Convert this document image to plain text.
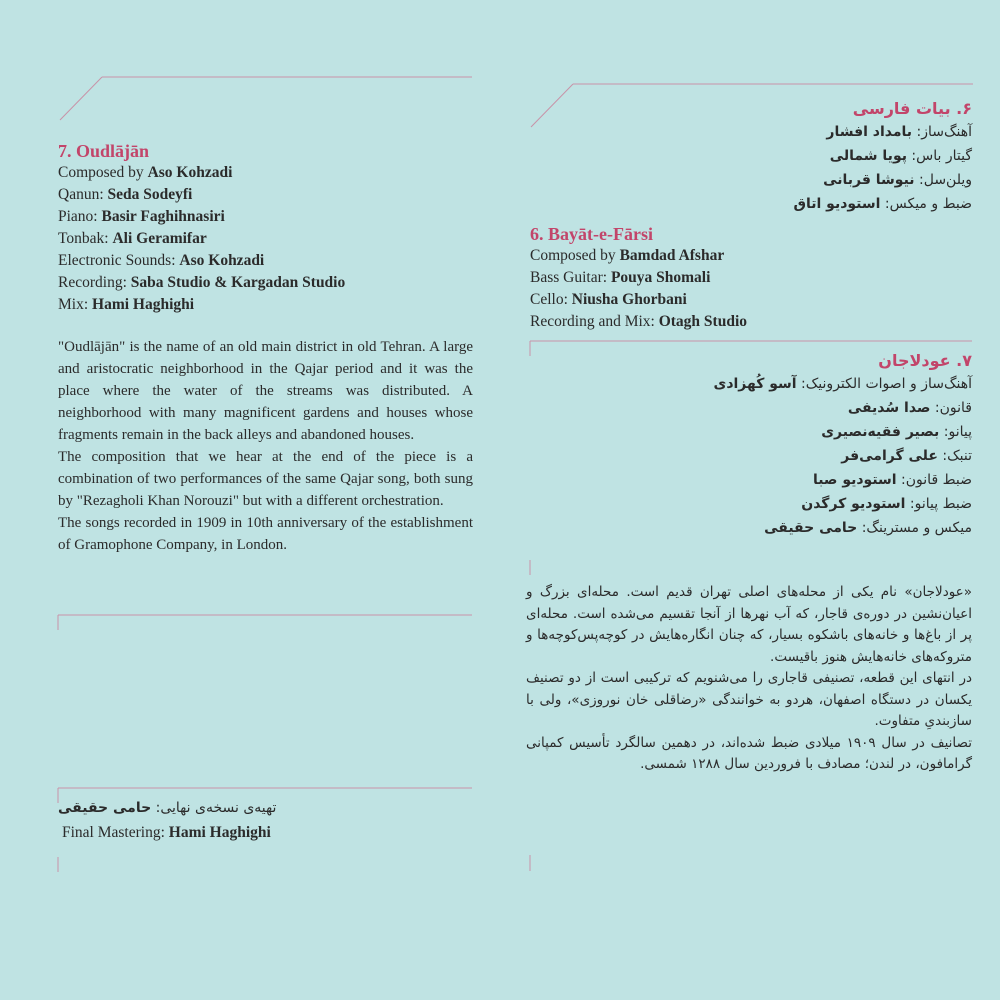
7. Oudlājān
Composed by Aso Kohzadi
Qanun: Seda Sodeyfi
Piano: Basir Faghihnasiri
Tonbak: Ali Geramifar
Electronic Sounds: Aso Kohzadi
Recording: Saba Studio & Kargadan Studio
Mix: Hami Haghighi

"Oudlājān" is the name of an old main district in old Tehran. A large and aristocratic neighborhood in the Qajar period and it was the place where the water of the streams was distributed. A neighborhood with many magnificent gardens and houses whose fragments remain in the back alleys and abandoned houses.

The composition that we hear at the end of the piece is a combination of two performances of the same Qajar song, both sung by "Rezagholi Khan Norouzi" but with a different orchestration.

The songs recorded in 1909 in 10th anniversary of the establishment of Gramophone Company, in London.

تهیه‌ی نسخه‌ی نهایی: حامی حقیقی
Final Mastering: Hami Haghighi
۶. بیات فارسی
آهنگ‌ساز: بامداد افشار
گیتار باس: پویا شمالی
ویلن‌سل: نیوشا قربانی
ضبط و میکس: استودیو اتاق
6. Bayāt-e-Fārsi
Composed by Bamdad Afshar
Bass Guitar: Pouya Shomali
Cello: Niusha Ghorbani
Recording and Mix: Otagh Studio
۷. عودلاجان
آهنگ‌ساز و اصوات الکترونیک: آسو کُهزادی
قانون: صدا سُدیفی
پیانو: بصیر فقیه‌نصیری
تنبک: علی گرامی‌فر
ضبط قانون: استودیو صبا
ضبط پیانو: استودیو کرگدن
میکس و مسترینگ: حامی حقیقی

«عودلاجان» نام یکی از محله‌های اصلی تهران قدیم است. محله‌ای بزرگ و اعیان‌نشین در دوره‌ی قاجار، که آب نهرها از آنجا تقسیم می‌شده است. محله‌ای پر از باغ‌ها و خانه‌های باشکوه بسیار، که چنان انگاره‌هایش در کوچه‌پس‌کوچه‌ها و متروکه‌های خانه‌هایش هنوز باقیست.

در انتهای این قطعه، تصنیفی قاجاری را می‌شنویم که ترکیبی است از دو تصنیف یکسان در دستگاه اصفهان، هردو به خوانندگی «رضاقلی خان نوروزی»، ولی با سازبندیِ متفاوت.

تصانیف در سال ۱۹۰۹ میلادی ضبط شده‌اند، در دهمین سالگرد تأسیس کمپانی گرامافون، در لندن؛ مصادف با فروردین سال ۱۲۸۸ شمسی.
